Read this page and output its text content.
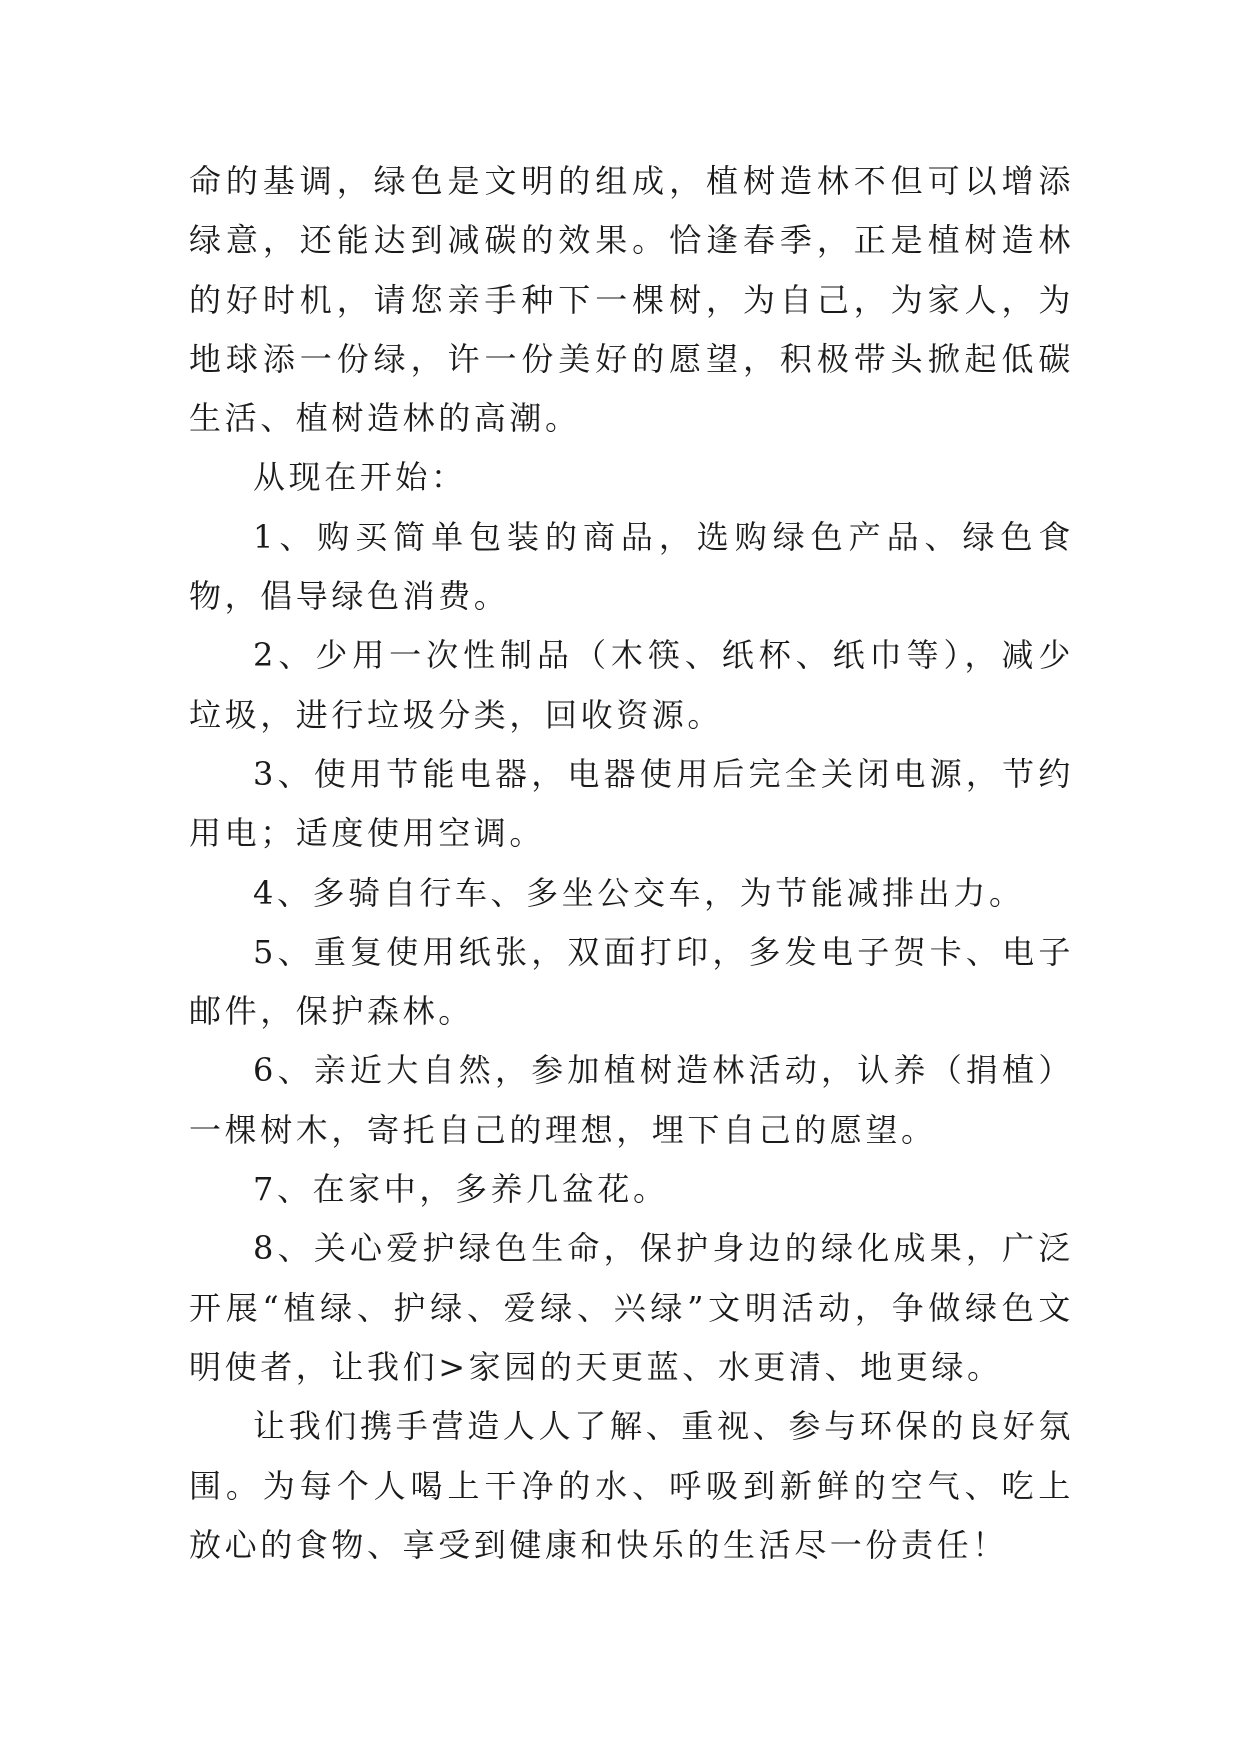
命的基调，绿色是文明的组成，植树造林不但可以增添绿意，还能达到减碳的效果。恰逢春季，正是植树造林的好时机，请您亲手种下一棵树，为自己，为家人，为地球添一份绿，许一份美好的愿望，积极带头掀起低碳生活、植树造林的高潮。

从现在开始：

1、购买简单包装的商品，选购绿色产品、绿色食物，倡导绿色消费。

2、少用一次性制品（木筷、纸杯、纸巾等），减少垃圾，进行垃圾分类，回收资源。

3、使用节能电器，电器使用后完全关闭电源，节约用电；适度使用空调。

4、多骑自行车、多坐公交车，为节能减排出力。

5、重复使用纸张，双面打印，多发电子贺卡、电子邮件，保护森林。

6、亲近大自然，参加植树造林活动，认养（捐植）一棵树木，寄托自己的理想，埋下自己的愿望。

7、在家中，多养几盆花。

8、关心爱护绿色生命，保护身边的绿化成果，广泛开展“植绿、护绿、爱绿、兴绿”文明活动，争做绿色文明使者，让我们>家园的天更蓝、水更清、地更绿。

让我们携手营造人人了解、重视、参与环保的良好氛围。为每个人喝上干净的水、呼吸到新鲜的空气、吃上放心的食物、享受到健康和快乐的生活尽一份责任！
